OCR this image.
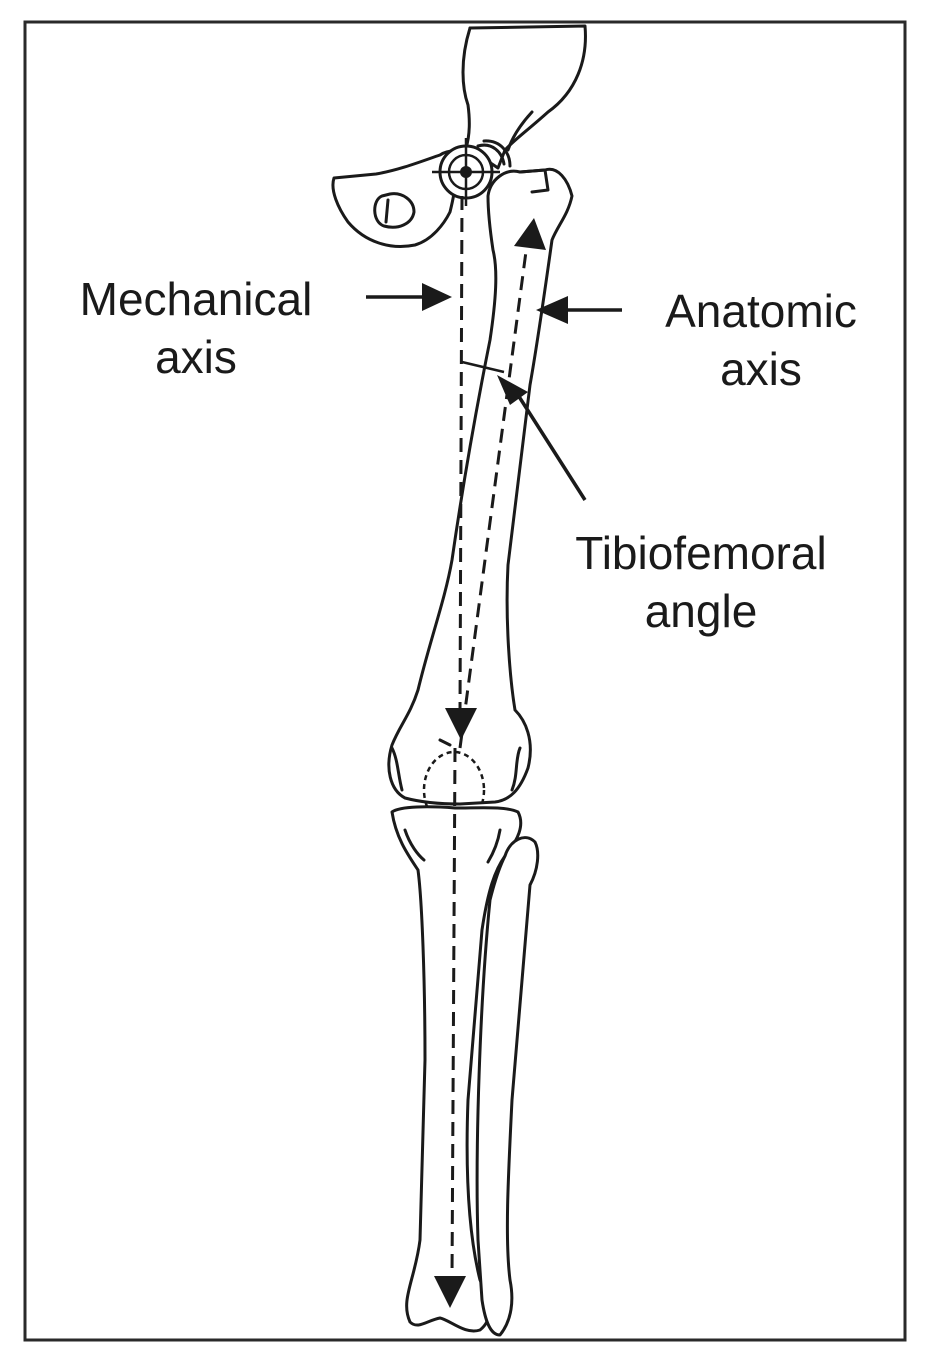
Mechanical
axis
Anatomic
axis
Tibiofemoral
angle
